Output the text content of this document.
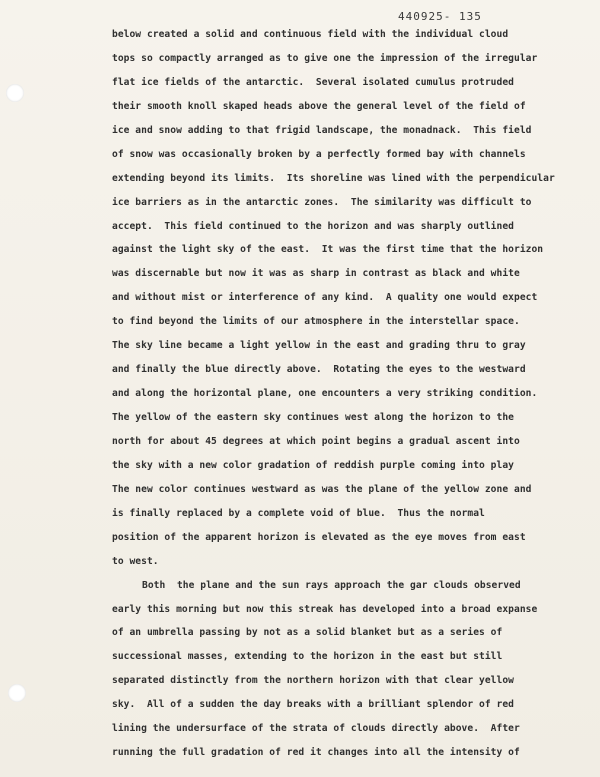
440925- 135
below created a solid and continuous field with the individual cloud
tops so compactly arranged as to give one the impression of the irregular
flat ice fields of the antarctic.  Several isolated cumulus protruded
their smooth knoll skaped heads above the general level of the field of
ice and snow adding to that frigid landscape, the monadnack.  This field
of snow was occasionally broken by a perfectly formed bay with channels
extending beyond its limits.  Its shoreline was lined with the perpendicular
ice barriers as in the antarctic zones.  The similarity was difficult to
accept.  This field continued to the horizon and was sharply outlined
against the light sky of the east.  It was the first time that the horizon
was discernable but now it was as sharp in contrast as black and white
and without mist or interference of any kind.  A quality one would expect
to find beyond the limits of our atmosphere in the interstellar space.
The sky line became a light yellow in the east and grading thru to gray
and finally the blue directly above.  Rotating the eyes to the westward
and along the horizontal plane, one encounters a very striking condition.
The yellow of the eastern sky continues west along the horizon to the
north for about 45 degrees at which point begins a gradual ascent into
the sky with a new color gradation of reddish purple coming into play
The new color continues westward as was the plane of the yellow zone and
is finally replaced by a complete void of blue.  Thus the normal
position of the apparent horizon is elevated as the eye moves from east
to west.
Both  the plane and the sun rays approach the gar clouds observed
early this morning but now this streak has developed into a broad expanse
of an umbrella passing by not as a solid blanket but as a series of
successional masses, extending to the horizon in the east but still
separated distinctly from the northern horizon with that clear yellow
sky.  All of a sudden the day breaks with a brilliant splendor of red
lining the undersurface of the strata of clouds directly above.  After
running the full gradation of red it changes into all the intensity of
